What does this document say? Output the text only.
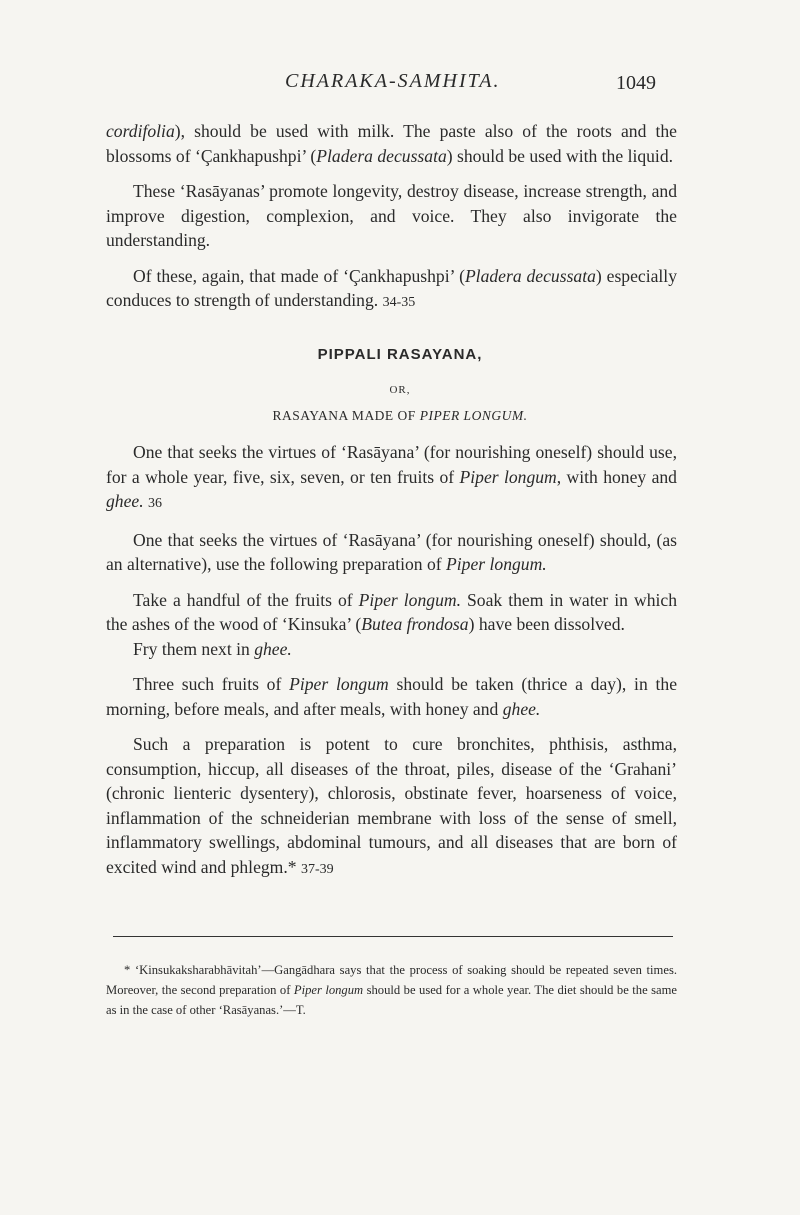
CHARAKA-SAMHITA.	1049

cordifolia), should be used with milk. The paste also of the roots and the blossoms of ‘Çankhapushpi’ (Pladera decussata) should be used with the liquid.

These ‘Rasāyanas’ promote longevity, destroy disease, increase strength, and improve digestion, complexion, and voice. They also invigorate the understanding.

Of these, again, that made of ‘Çankhapushpi’ (Pladera decussata) especially conduces to strength of understanding. 34-35

PIPPALI RASAYANA,
OR,
RASAYANA MADE OF PIPER LONGUM.

One that seeks the virtues of ‘Rasāyana’ (for nourishing oneself) should use, for a whole year, five, six, seven, or ten fruits of Piper longum, with honey and ghee. 36

One that seeks the virtues of ‘Rasāyana’ (for nourishing oneself) should, (as an alternative), use the following preparation of Piper longum.

Take a handful of the fruits of Piper longum. Soak them in water in which the ashes of the wood of ‘Kinsuka’ (Butea frondosa) have been dissolved.

Fry them next in ghee.

Three such fruits of Piper longum should be taken (thrice a day), in the morning, before meals, and after meals, with honey and ghee.

Such a preparation is potent to cure bronchites, phthisis, asthma, consumption, hiccup, all diseases of the throat, piles, disease of the ‘Grahani’ (chronic lienteric dysentery), chlorosis, obstinate fever, hoarseness of voice, inflammation of the schneiderian membrane with loss of the sense of smell, inflammatory swellings, abdominal tumours, and all diseases that are born of excited wind and phlegm.* 37-39

* ‘Kinsukaksharabhāvitah’—Gangādhara says that the process of soaking should be repeated seven times. Moreover, the second preparation of Piper longum should be used for a whole year. The diet should be the same as in the case of other ‘Rasāyanas.’—T.
